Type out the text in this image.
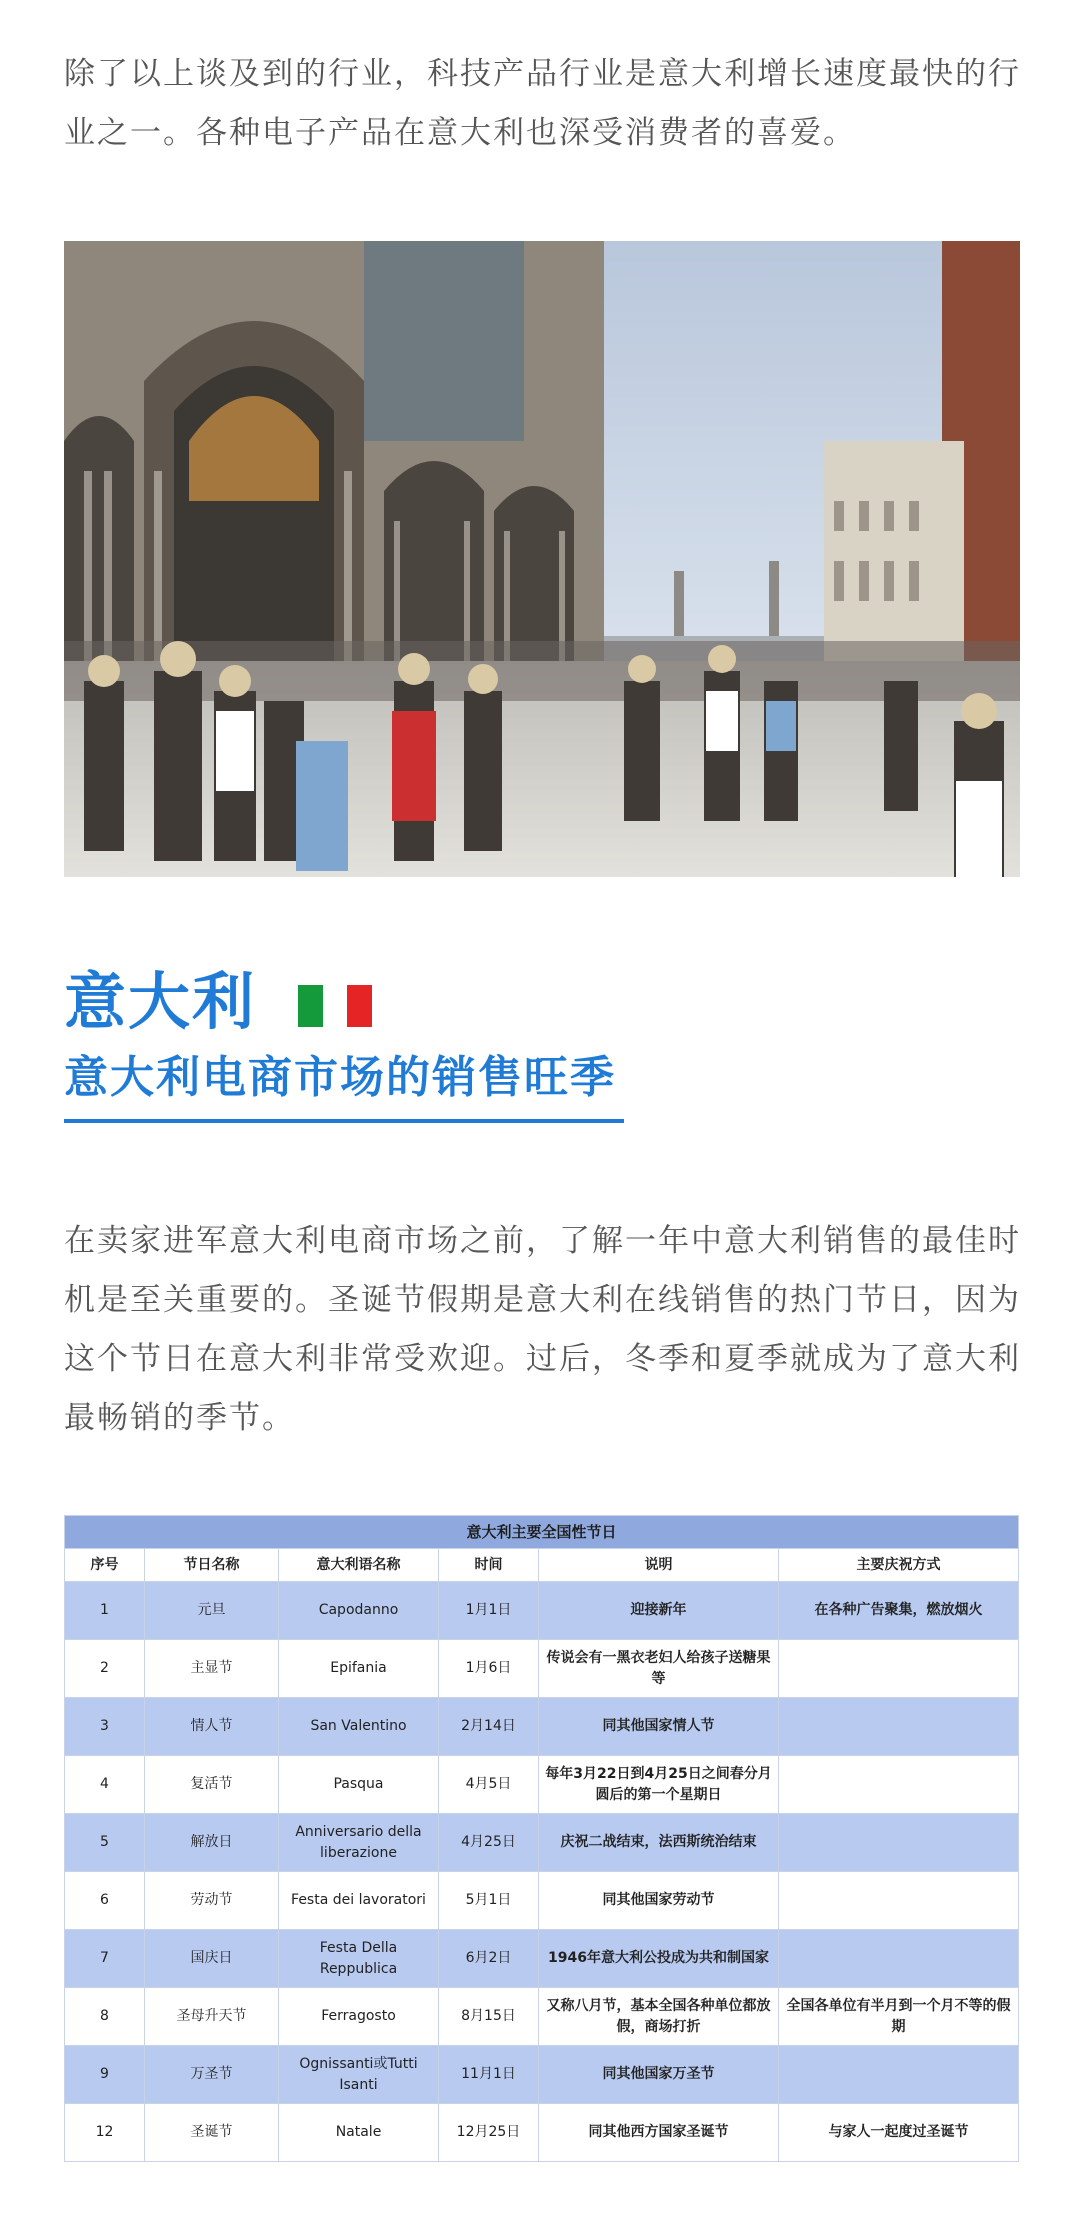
除了以上谈及到的行业，科技产品行业是意大利增长速度最快的行业之一。各种电子产品在意大利也深受消费者的喜爱。

意大利
意大利电商市场的销售旺季

在卖家进军意大利电商市场之前，了解一年中意大利销售的最佳时机是至关重要的。圣诞节假期是意大利在线销售的热门节日，因为这个节日在意大利非常受欢迎。过后，冬季和夏季就成为了意大利最畅销的季节。

意大利主要全国性节日					
序号	节日名称	意大利语名称	时间	说明	主要庆祝方式
1	元旦	Capodanno	1月1日	迎接新年	在各种广告聚集，燃放烟火
2	主显节	Epifania	1月6日	传说会有一黑衣老妇人给孩子送糖果等	
3	情人节	San Valentino	2月14日	同其他国家情人节	
4	复活节	Pasqua	4月5日	每年3月22日到4月25日之间春分月圆后的第一个星期日	
5	解放日	Anniversario della liberazione	4月25日	庆祝二战结束，法西斯统治结束	
6	劳动节	Festa dei lavoratori	5月1日	同其他国家劳动节	
7	国庆日	Festa Della Reppublica	6月2日	1946年意大利公投成为共和制国家	
8	圣母升天节	Ferragosto	8月15日	又称八月节，基本全国各种单位都放假，商场打折	全国各单位有半月到一个月不等的假期
9	万圣节	Ognissanti或Tutti Isanti	11月1日	同其他国家万圣节	
12	圣诞节	Natale	12月25日	同其他西方国家圣诞节	与家人一起度过圣诞节
